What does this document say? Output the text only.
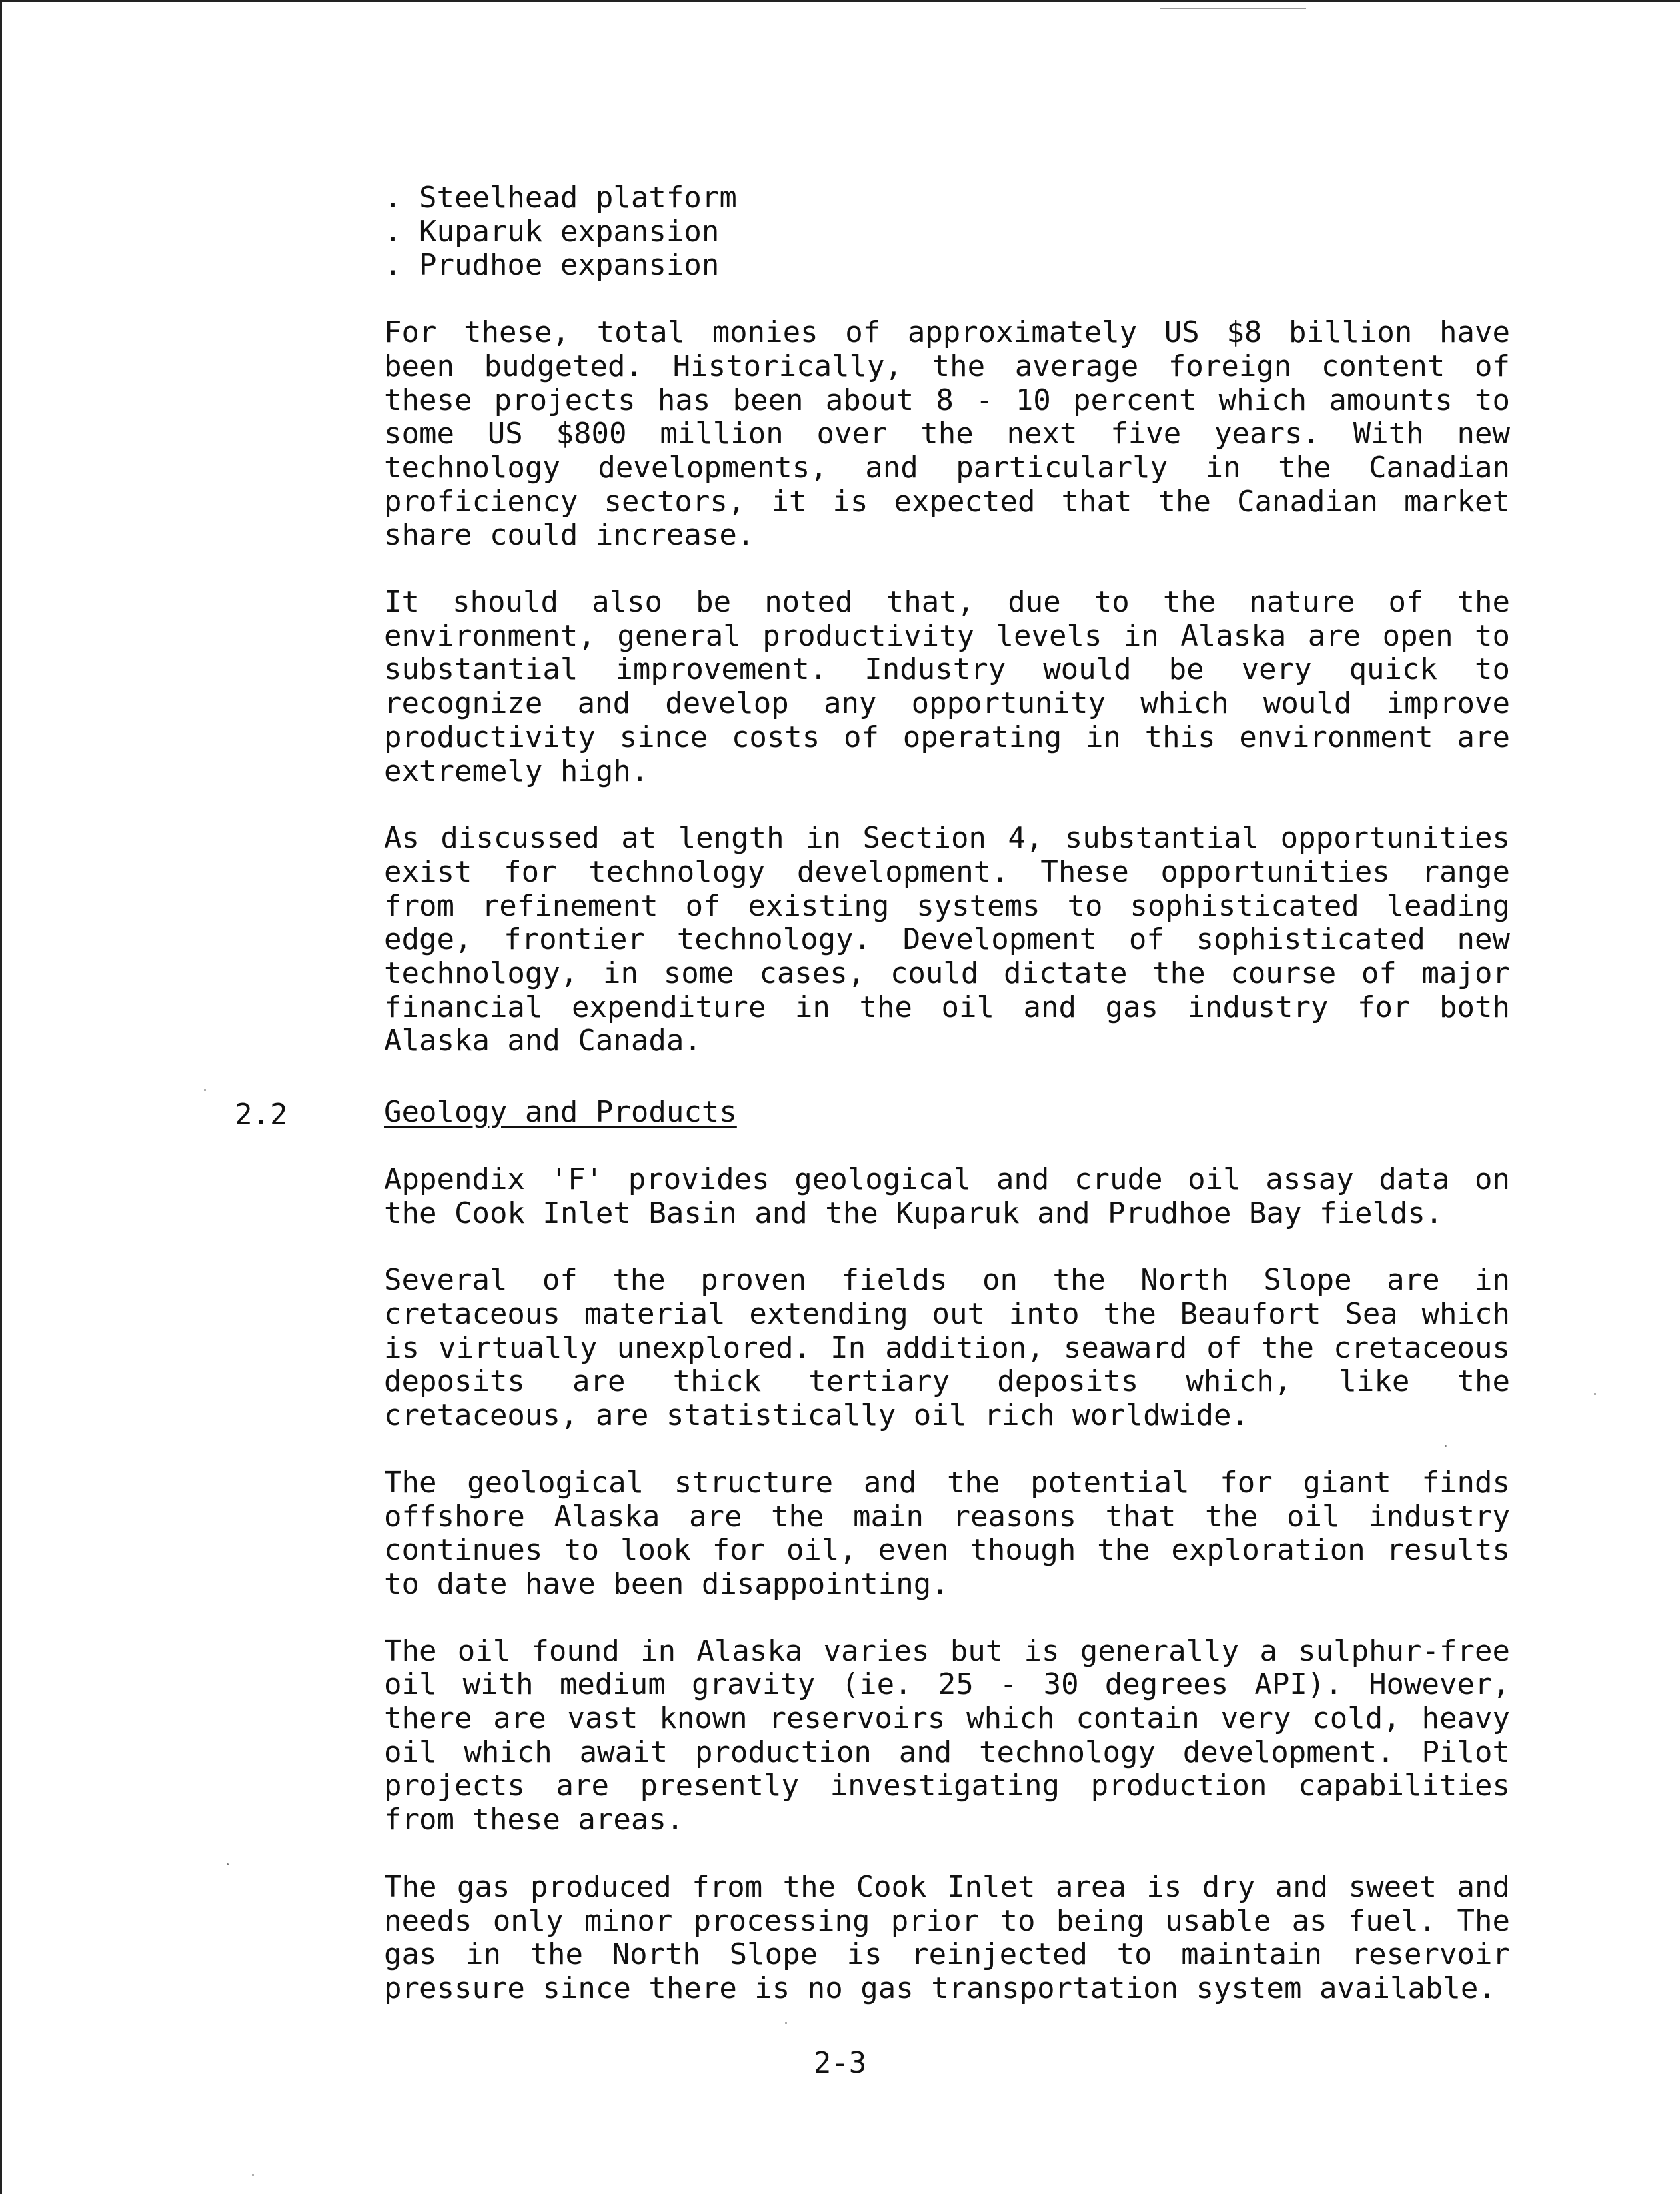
. Steelhead platform

. Kuparuk expansion

. Prudhoe expansion

For these, total monies of approximately US $8 billion have been budgeted. Historically, the average foreign content of these projects has been about 8 - 10 percent which amounts to some US $800 million over the next five years. With new technology developments, and particularly in the Canadian proficiency sectors, it is expected that the Canadian market share could increase.

It should also be noted that, due to the nature of the environment, general productivity levels in Alaska are open to substantial improvement. Industry would be very quick to recognize and develop any opportunity which would improve productivity since costs of operating in this environment are extremely high.

As discussed at length in Section 4, substantial opportunities exist for technology development. These opportunities range from refinement of existing systems to sophisticated leading edge, frontier technology. Development of sophisticated new technology, in some cases, could dictate the course of major financial expenditure in the oil and gas industry for both Alaska and Canada.

Geology and Products

Appendix 'F' provides geological and crude oil assay data on the Cook Inlet Basin and the Kuparuk and Prudhoe Bay fields.

Several of the proven fields on the North Slope are in cretaceous material extending out into the Beaufort Sea which is virtually unexplored. In addition, seaward of the cretaceous deposits are thick tertiary deposits which, like the cretaceous, are statistically oil rich worldwide.

The geological structure and the potential for giant finds offshore Alaska are the main reasons that the oil industry continues to look for oil, even though the exploration results to date have been disappointing.

The oil found in Alaska varies but is generally a sulphur-free oil with medium gravity (ie. 25 - 30 degrees API). However, there are vast known reservoirs which contain very cold, heavy oil which await production and technology development. Pilot projects are presently investigating production capabilities from these areas.

The gas produced from the Cook Inlet area is dry and sweet and needs only minor processing prior to being usable as fuel. The gas in the North Slope is reinjected to maintain reservoir pressure since there is no gas transportation system available.

2.2
2-3
